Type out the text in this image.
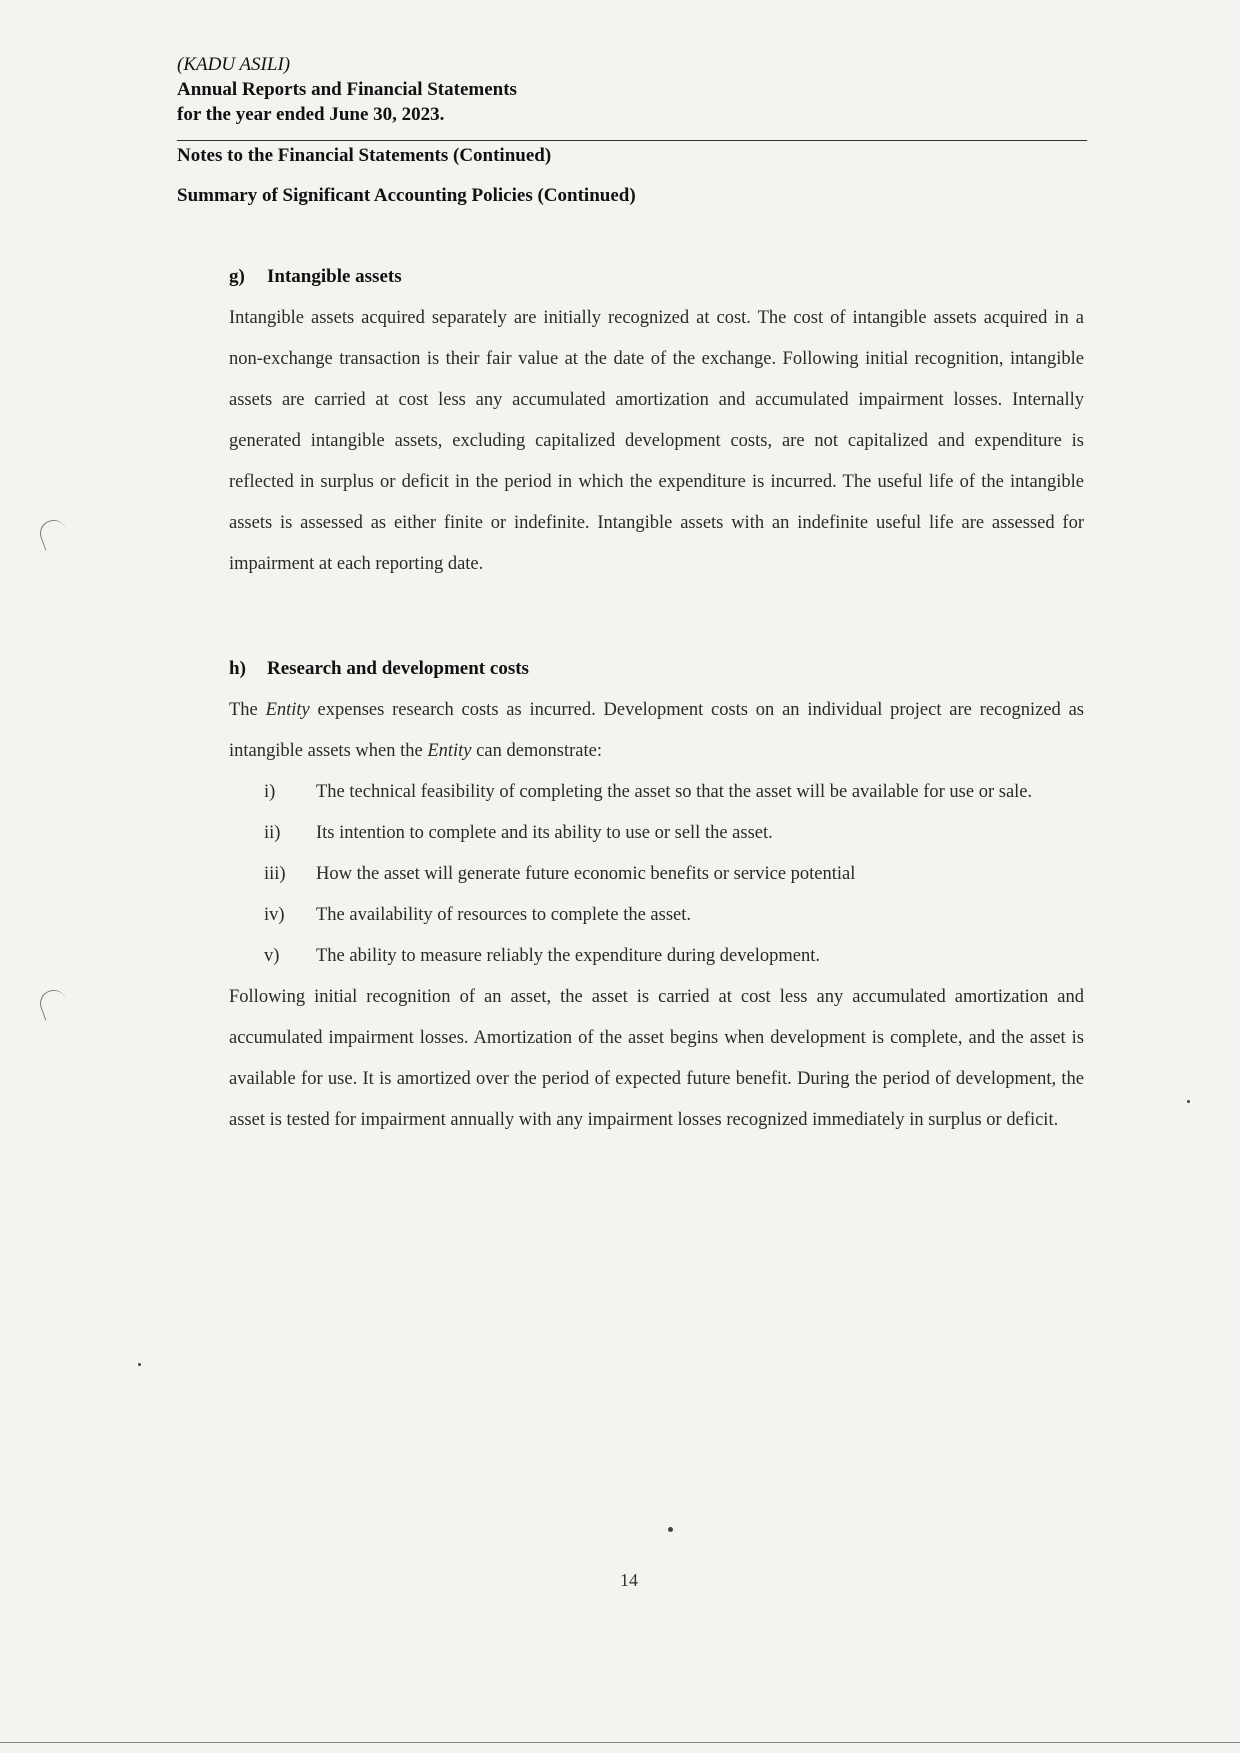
(KADU ASILI)
Annual Reports and Financial Statements
for the year ended June 30, 2023.
Notes to the Financial Statements (Continued)
Summary of Significant Accounting Policies (Continued)
g)	Intangible assets
Intangible assets acquired separately are initially recognized at cost. The cost of intangible assets acquired in a non-exchange transaction is their fair value at the date of the exchange. Following initial recognition, intangible assets are carried at cost less any accumulated amortization and accumulated impairment losses. Internally generated intangible assets, excluding capitalized development costs, are not capitalized and expenditure is reflected in surplus or deficit in the period in which the expenditure is incurred. The useful life of the intangible assets is assessed as either finite or indefinite. Intangible assets with an indefinite useful life are assessed for impairment at each reporting date.
h)	Research and development costs
The Entity expenses research costs as incurred. Development costs on an individual project are recognized as intangible assets when the Entity can demonstrate:
i)	The technical feasibility of completing the asset so that the asset will be available for use or sale.
ii)	Its intention to complete and its ability to use or sell the asset.
iii)	How the asset will generate future economic benefits or service potential
iv)	The availability of resources to complete the asset.
v)	The ability to measure reliably the expenditure during development.
Following initial recognition of an asset, the asset is carried at cost less any accumulated amortization and accumulated impairment losses. Amortization of the asset begins when development is complete, and the asset is available for use. It is amortized over the period of expected future benefit. During the period of development, the asset is tested for impairment annually with any impairment losses recognized immediately in surplus or deficit.
14
